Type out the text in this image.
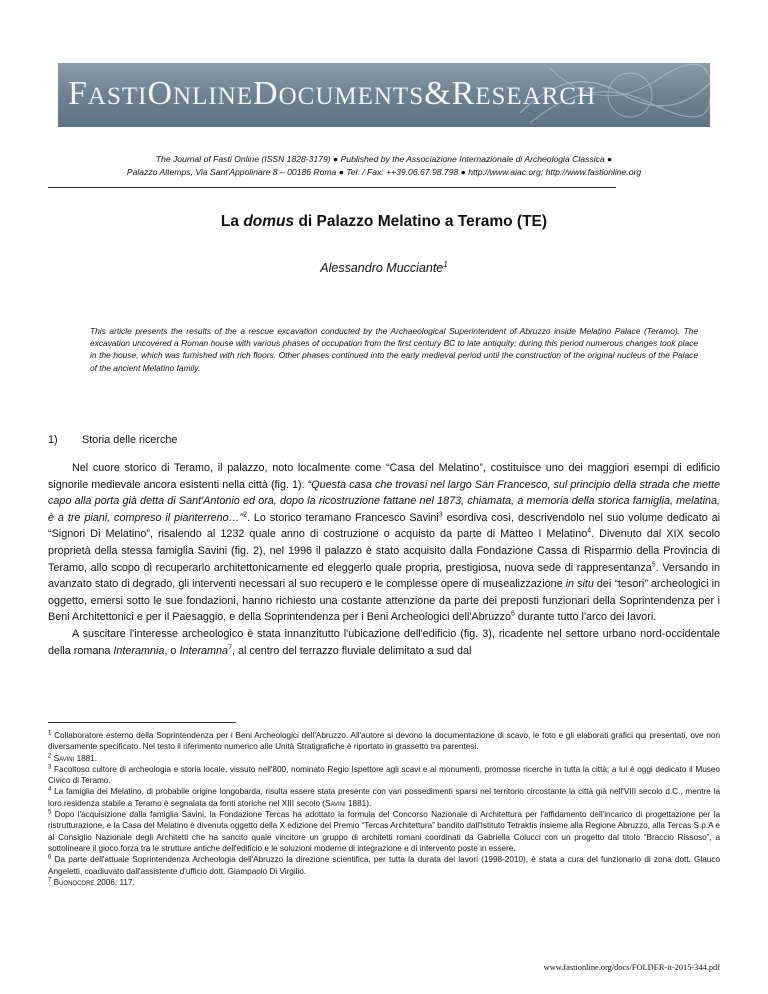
FASTIONLINEDOCUMENTS&RESEARCH
The Journal of Fasti Online (ISSN 1828-3179) ● Published by the Associazione Internazionale di Archeologia Classica ●
Palazzo Altemps, Via Sant'Appolinare 8 – 00186 Roma ● Tel. / Fax: ++39.06.67.98.798 ● http://www.aiac.org; http://www.fastionline.org
La domus di Palazzo Melatino a Teramo (TE)
Alessandro Mucciante$^1$
This article presents the results of the a rescue excavation conducted by the Archaeological Superintendent of Abruzzo inside Melatino Palace (Teramo). The excavation uncovered a Roman house with various phases of occupation from the first century BC to late antiquity; during this period numerous changes took place in the house, which was furnished with rich floors. Other phases continued into the early medieval period until the construction of the original nucleus of the Palace of the ancient Melatino family.
1) Storia delle ricerche

Nel cuore storico di Teramo, il palazzo, noto localmente come “Casa del Melatino”, costituisce uno dei maggiori esempi di edificio signorile medievale ancora esistenti nella città (fig. 1). “Questa casa che trovasi nel largo San Francesco, sul principio della strada che mette capo alla porta già detta di Sant'Antonio ed ora, dopo la ricostruzione fattane nel 1873, chiamata, a memoria della storica famiglia, melatina, è a tre piani, compreso il pianterreno…”$^2$. Lo storico teramano Francesco Savini$^3$ esordiva così, descrivendolo nel suo volume dedicato ai “Signori Di Melatino”, risalendo al 1232 quale anno di costruzione o acquisto da parte di Matteo I Melatino$^4$. Divenuto dal XIX secolo proprietà della stessa famiglia Savini (fig. 2), nel 1996 il palazzo è stato acquisito dalla Fondazione Cassa di Risparmio della Provincia di Teramo, allo scopo di recuperarlo architettonicamente ed eleggerlo quale propria, prestigiosa, nuova sede di rappresentanza$^5$. Versando in avanzato stato di degrado, gli interventi necessari al suo recupero e le complesse opere di musealizzazione in situ dei “tesori” archeologici in oggetto, emersi sotto le sue fondazioni, hanno richiesto una costante attenzione da parte dei preposti funzionari della Soprintendenza per i Beni Architettonici e per il Paesaggio, e della Soprintendenza per i Beni Archeologici dell'Abruzzo$^6$ durante tutto l'arco dei lavori.

A suscitare l'interesse archeologico è stata innanzitutto l'ubicazione dell'edificio (fig. 3), ricadente nel settore urbano nord-occidentale della romana Interamnia, o Interamna$^7$, al centro del terrazzo fluviale delimitato a sud dal

$^1$ Collaboratore esterno della Soprintendenza per i Beni Archeologici dell'Abruzzo. All'autore si devono la documentazione di scavo, le foto e gli elaborati grafici qui presentati, ove non diversamente specificato. Nel testo il riferimento numerico alle Unità Stratigrafiche è riportato in grassetto tra parentesi.
$^2$ Savini 1881.
$^3$ Facoltoso cultore di archeologia e storia locale, vissuto nell'800, nominato Regio Ispettore agli scavi e ai monumenti, promosse ricerche in tutta la città; a lui è oggi dedicato il Museo Civico di Teramo.
$^4$ La famiglia dei Melatino, di probabile origine longobarda, risulta essere stata presente con vari possedimenti sparsi nel territorio circostante la città già nell'VIII secolo d.C., mentre la loro residenza stabile a Teramo è segnalata da fonti storiche nel XIII secolo (Savini 1881).
$^5$ Dopo l'acquisizione dalla famiglia Savini, la Fondazione Tercas ha adottato la formula del Concorso Nazionale di Architettura per l'affidamento dell'incarico di progettazione per la ristrutturazione, e la Casa del Melatino è divenuta oggetto della X edizione del Premio “Tercas Architettura” bandito dall'Istituto Tetraktis insieme alla Regione Abruzzo, alla Tercas S.p.A e al Consiglio Nazionale degli Architetti che ha sancito quale vincitore un gruppo di architetti romani coordinati da Gabriella Colucci con un progetto dal titolo “Braccio Rissoso”, a sottolineare il gioco forza tra le strutture antiche dell'edificio e le soluzioni moderne di integrazione e di intervento poste in essere.
$^6$ Da parte dell'attuale Soprintendenza Archeologia dell'Abruzzo la direzione scientifica, per tutta la durata dei lavori (1998-2010), è stata a cura del funzionario di zona dott. Glauco Angeletti, coadiuvato dall'assistente d'ufficio dott. Giampaolo Di Virgilio.
$^7$ Buonocore 2006: 117.
www.fastionline.org/docs/FOLDER-it-2015-344.pdf
